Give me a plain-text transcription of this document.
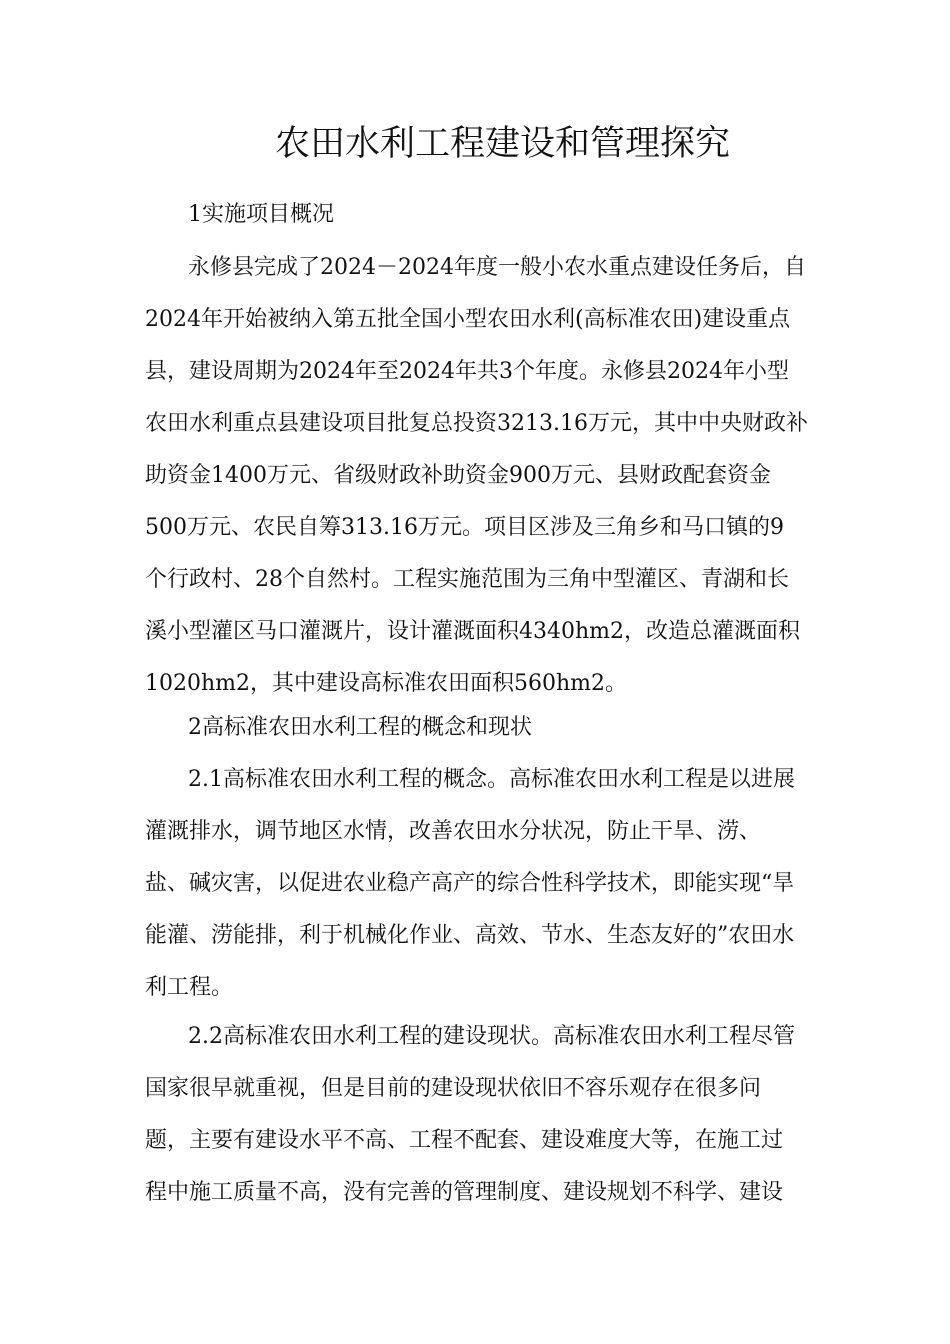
农田水利工程建设和管理探究
1实施项目概况
永修县完成了2024－2024年度一般小农水重点建设任务后，自
2024年开始被纳入第五批全国小型农田水利(高标准农田)建设重点
县，建设周期为2024年至2024年共3个年度。永修县2024年小型
农田水利重点县建设项目批复总投资3213.16万元，其中中央财政补
助资金1400万元、省级财政补助资金900万元、县财政配套资金
500万元、农民自筹313.16万元。项目区涉及三角乡和马口镇的9
个行政村、28个自然村。工程实施范围为三角中型灌区、青湖和长
溪小型灌区马口灌溉片，设计灌溉面积4340hm2，改造总灌溉面积
1020hm2，其中建设高标准农田面积560hm2。
2高标准农田水利工程的概念和现状
2.1高标准农田水利工程的概念。高标准农田水利工程是以进展
灌溉排水，调节地区水情，改善农田水分状况，防止干旱、涝、
盐、碱灾害，以促进农业稳产高产的综合性科学技术，即能实现“旱
能灌、涝能排，利于机械化作业、高效、节水、生态友好的”农田水
利工程。
2.2高标准农田水利工程的建设现状。高标准农田水利工程尽管
国家很早就重视，但是目前的建设现状依旧不容乐观存在很多问
题，主要有建设水平不高、工程不配套、建设难度大等，在施工过
程中施工质量不高，没有完善的管理制度、建设规划不科学、建设
